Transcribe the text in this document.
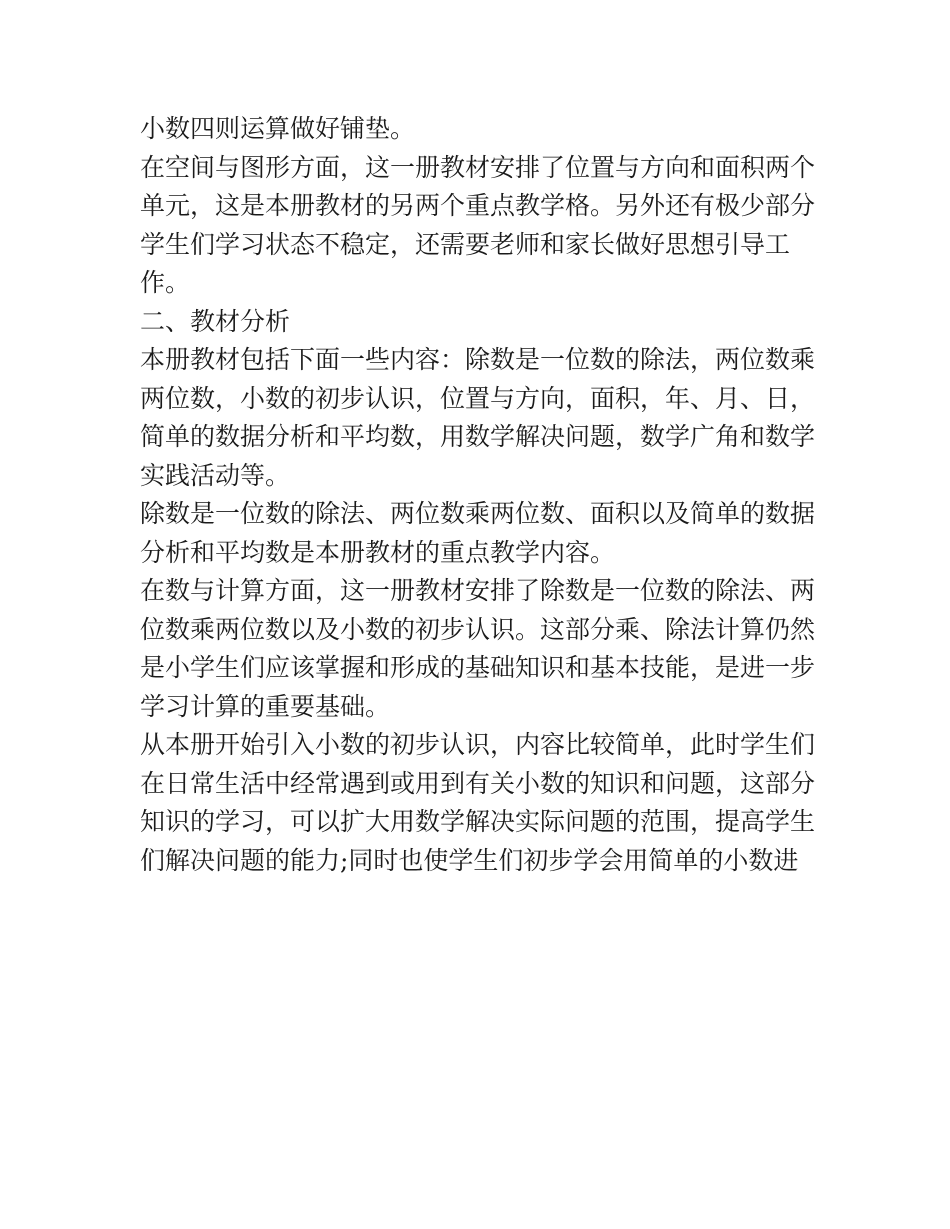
小数四则运算做好铺垫。
在空间与图形方面，这一册教材安排了位置与方向和面积两个
单元，这是本册教材的另两个重点教学格。另外还有极少部分
学生们学习状态不稳定，还需要老师和家长做好思想引导工
作。
二、教材分析
本册教材包括下面一些内容：除数是一位数的除法，两位数乘
两位数，小数的初步认识，位置与方向，面积，年、月、日，
简单的数据分析和平均数，用数学解决问题，数学广角和数学
实践活动等。
除数是一位数的除法、两位数乘两位数、面积以及简单的数据
分析和平均数是本册教材的重点教学内容。
在数与计算方面，这一册教材安排了除数是一位数的除法、两
位数乘两位数以及小数的初步认识。这部分乘、除法计算仍然
是小学生们应该掌握和形成的基础知识和基本技能，是进一步
学习计算的重要基础。
从本册开始引入小数的初步认识，内容比较简单，此时学生们
在日常生活中经常遇到或用到有关小数的知识和问题，这部分
知识的学习，可以扩大用数学解决实际问题的范围，提高学生
们解决问题的能力;同时也使学生们初步学会用简单的小数进
